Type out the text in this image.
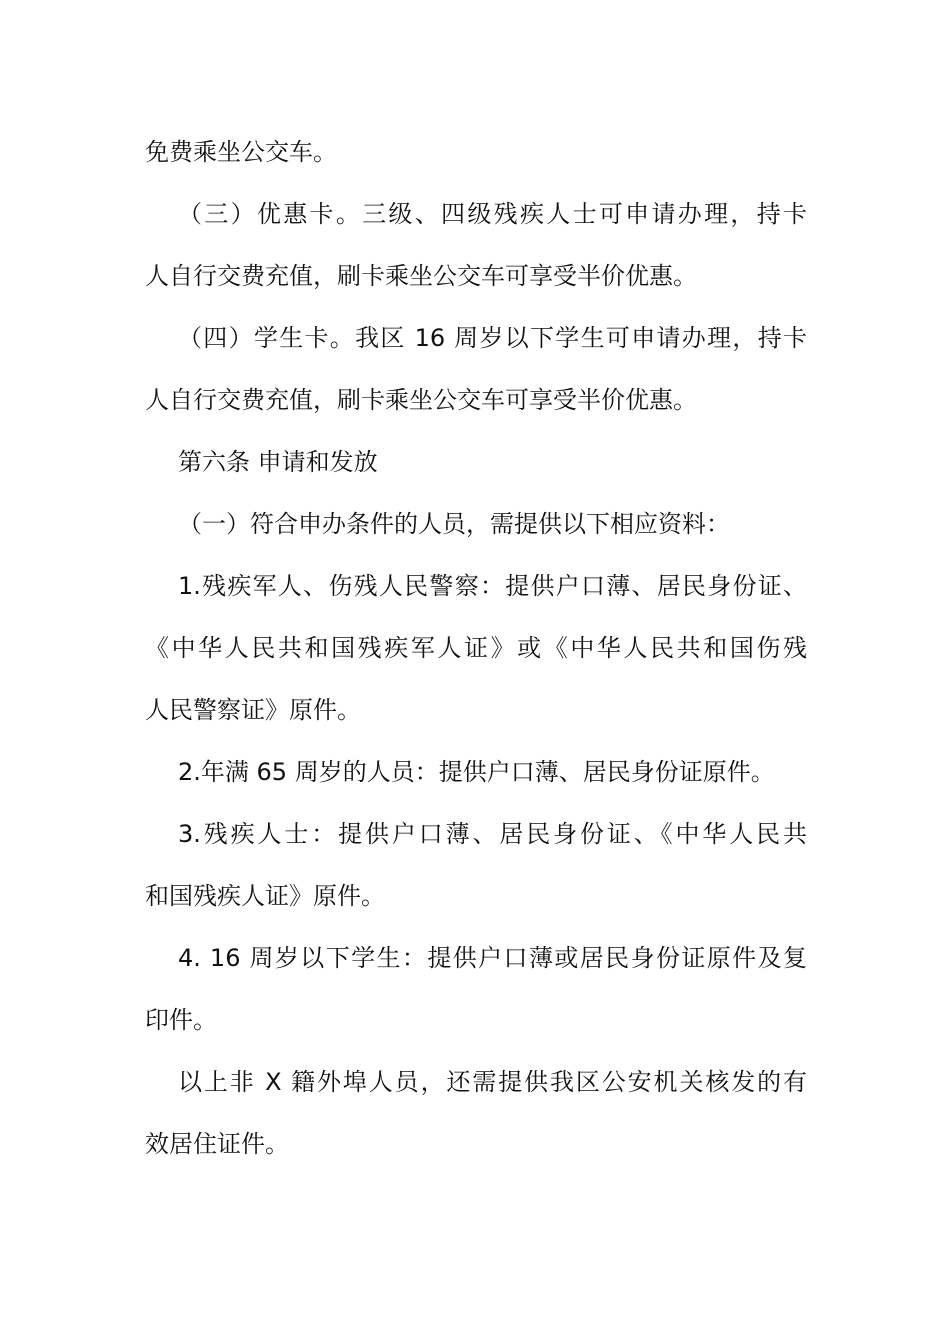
免费乘坐公交车。
（三）优惠卡。三级、四级残疾人士可申请办理，持卡
人自行交费充值，刷卡乘坐公交车可享受半价优惠。
（四）学生卡。我区 16 周岁以下学生可申请办理，持卡
人自行交费充值，刷卡乘坐公交车可享受半价优惠。
第六条 申请和发放
（一）符合申办条件的人员，需提供以下相应资料：
1.残疾军人、伤残人民警察：提供户口薄、居民身份证、
《中华人民共和国残疾军人证》或《中华人民共和国伤残
人民警察证》原件。
2.年满 65 周岁的人员：提供户口薄、居民身份证原件。
3.残疾人士：提供户口薄、居民身份证、《中华人民共
和国残疾人证》原件。
4. 16 周岁以下学生：提供户口薄或居民身份证原件及复
印件。
以上非 X 籍外埠人员，还需提供我区公安机关核发的有
效居住证件。
